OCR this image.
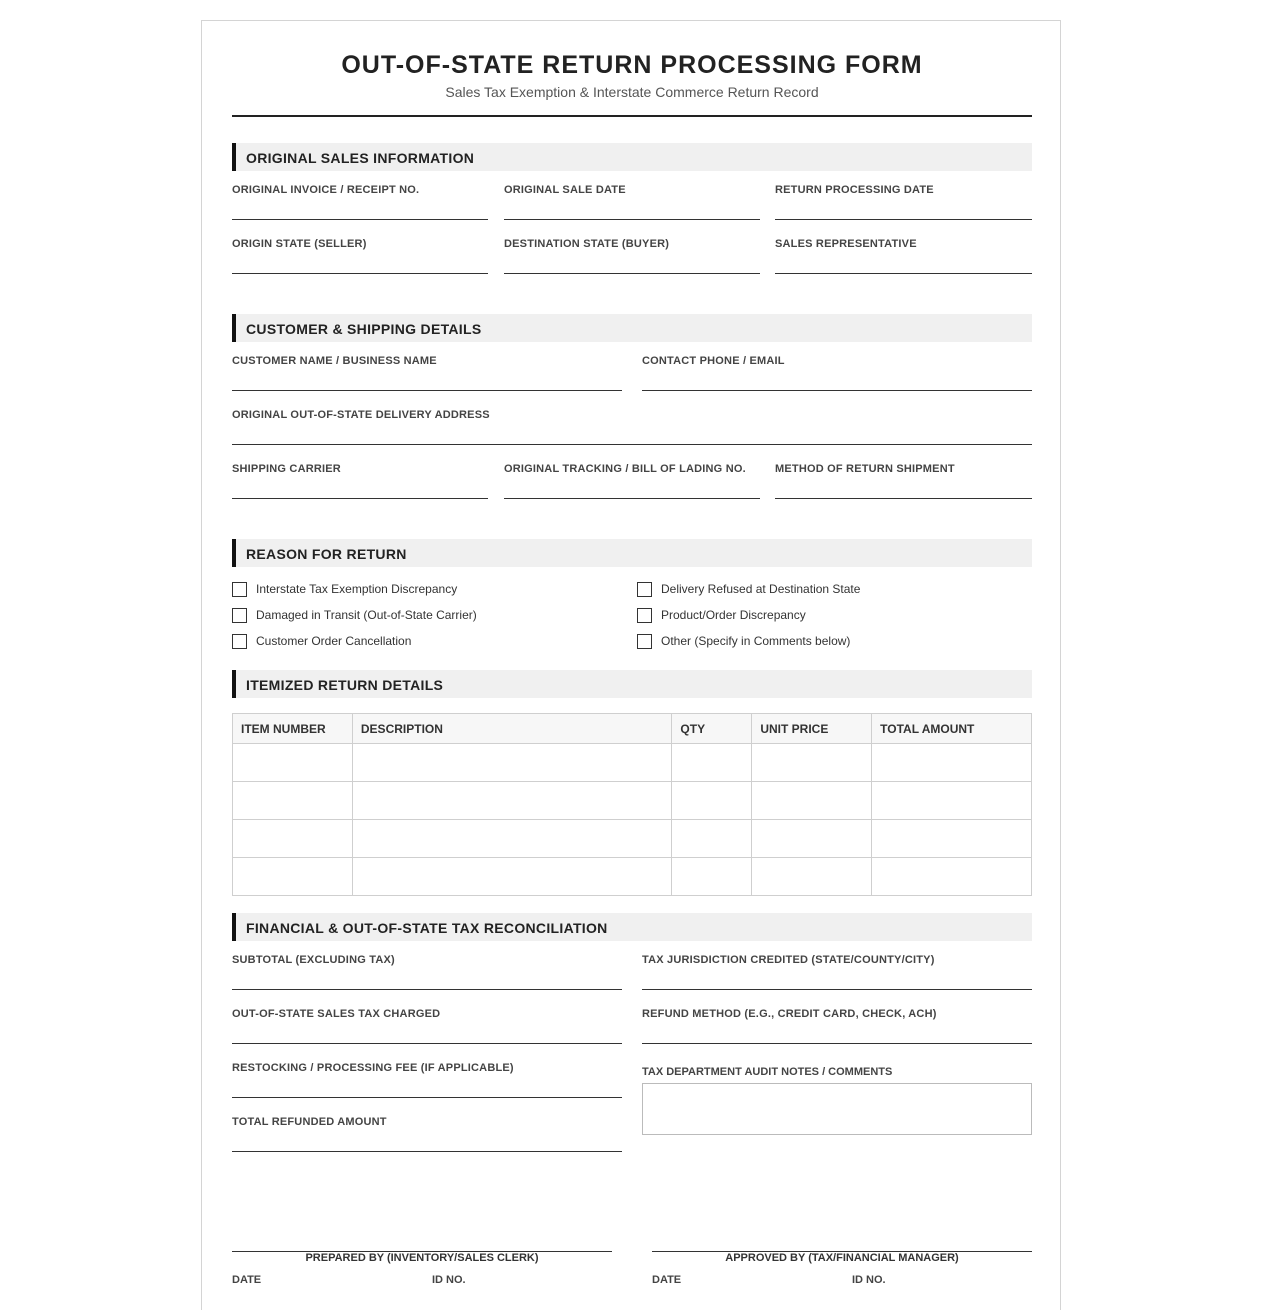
OUT-OF-STATE RETURN PROCESSING FORM
Sales Tax Exemption & Interstate Commerce Return Record
ORIGINAL SALES INFORMATION
ORIGINAL INVOICE / RECEIPT NO.	ORIGINAL SALE DATE	RETURN PROCESSING DATE
ORIGIN STATE (SELLER)	DESTINATION STATE (BUYER)	SALES REPRESENTATIVE
CUSTOMER & SHIPPING DETAILS
CUSTOMER NAME / BUSINESS NAME	CONTACT PHONE / EMAIL
ORIGINAL OUT-OF-STATE DELIVERY ADDRESS
SHIPPING CARRIER	ORIGINAL TRACKING / BILL OF LADING NO.	METHOD OF RETURN SHIPMENT
REASON FOR RETURN
Interstate Tax Exemption Discrepancy
Damaged in Transit (Out-of-State Carrier)
Customer Order Cancellation
Delivery Refused at Destination State
Product/Order Discrepancy
Other (Specify in Comments below)
ITEMIZED RETURN DETAILS
ITEM NUMBER	DESCRIPTION	QTY	UNIT PRICE	TOTAL AMOUNT

FINANCIAL & OUT-OF-STATE TAX RECONCILIATION
SUBTOTAL (EXCLUDING TAX)
OUT-OF-STATE SALES TAX CHARGED
RESTOCKING / PROCESSING FEE (IF APPLICABLE)
TOTAL REFUNDED AMOUNT
TAX JURISDICTION CREDITED (STATE/COUNTY/CITY)
REFUND METHOD (E.G., CREDIT CARD, CHECK, ACH)
TAX DEPARTMENT AUDIT NOTES / COMMENTS
PREPARED BY (INVENTORY/SALES CLERK)	APPROVED BY (TAX/FINANCIAL MANAGER)
DATE	ID NO.	DATE	ID NO.
